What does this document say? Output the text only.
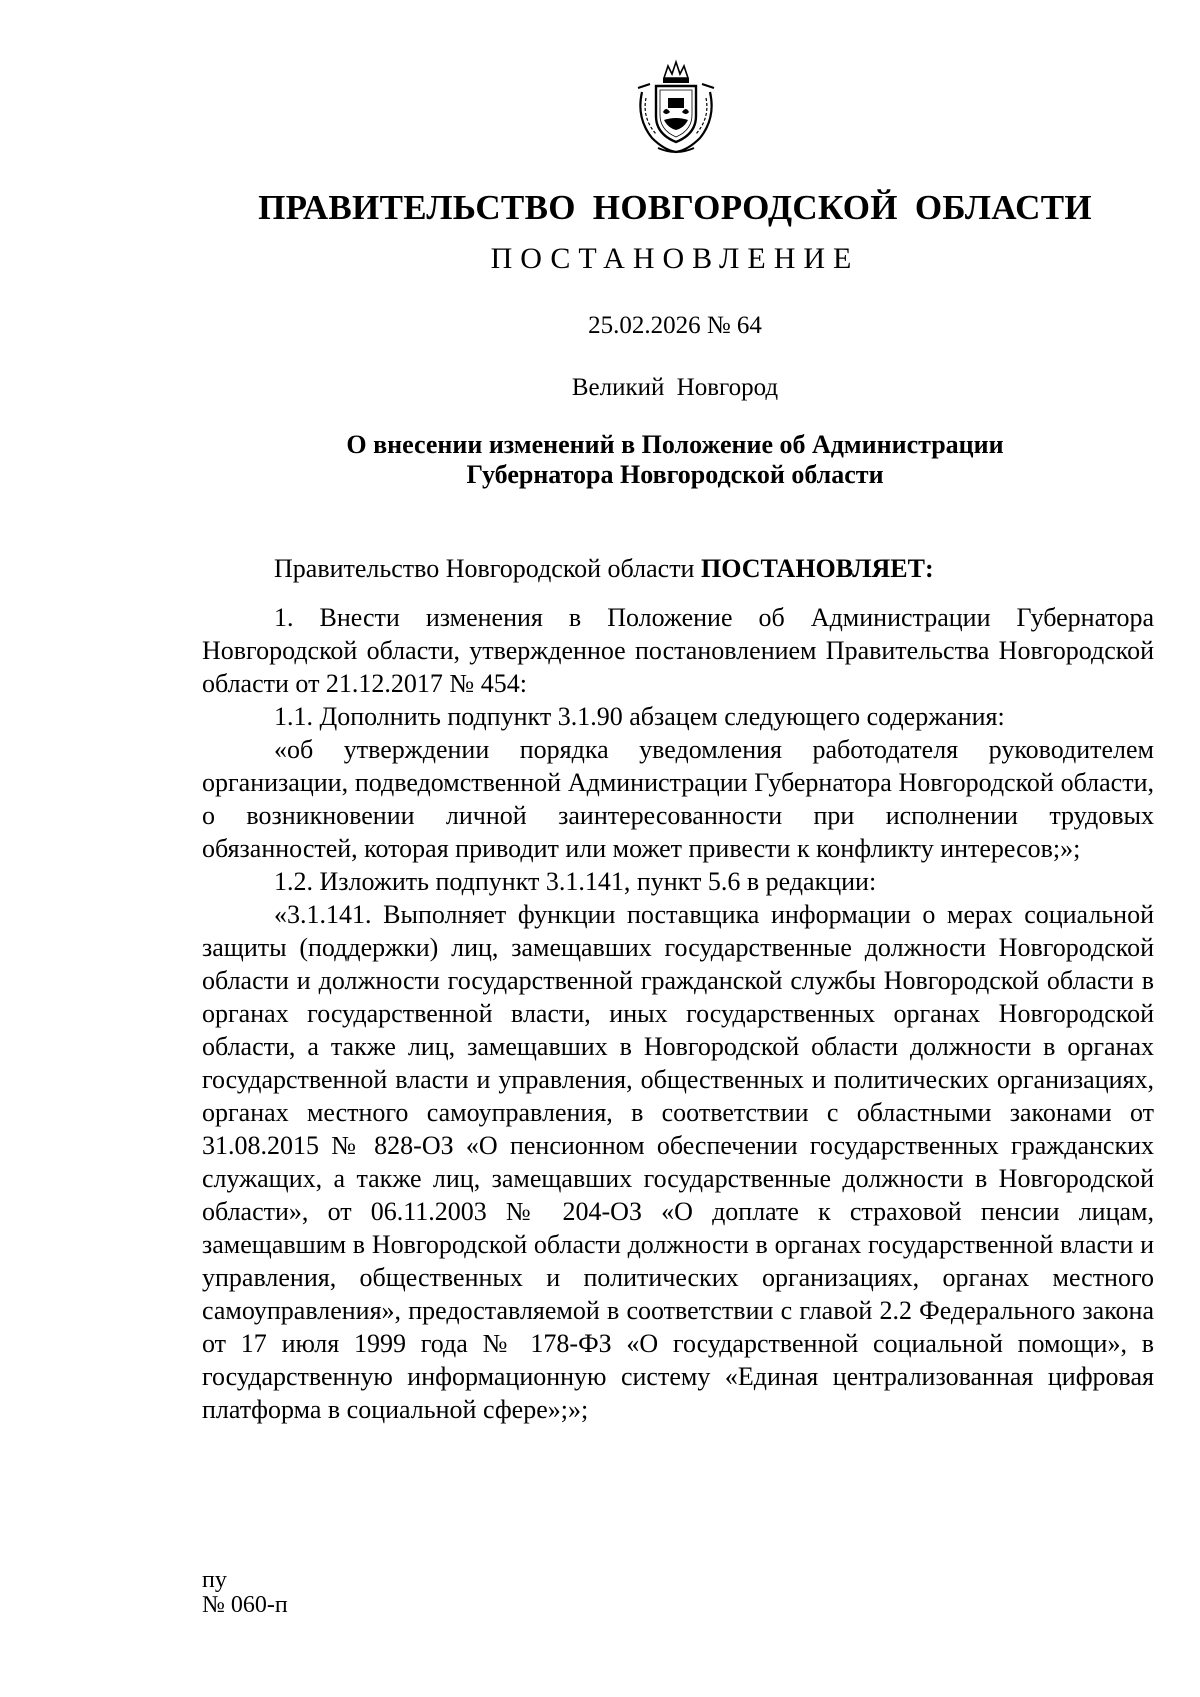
ПРАВИТЕЛЬСТВО НОВГОРОДСКОЙ ОБЛАСТИ
ПОСТАНОВЛЕНИЕ
25.02.2026 № 64
Великий Новгород
О внесении изменений в Положение об Администрации
Губернатора Новгородской области
Правительство Новгородской области ПОСТАНОВЛЯЕТ:

1. Внести изменения в Положение об Администрации Губернатора Новгородской области, утвержденное постановлением Правительства Новгородской области от 21.12.2017 № 454:

1.1. Дополнить подпункт 3.1.90 абзацем следующего содержания:

«об утверждении порядка уведомления работодателя руководителем организации, подведомственной Администрации Губернатора Новгородской области, о возникновении личной заинтересованности при исполнении трудовых обязанностей, которая приводит или может привести к конфликту интересов;»;

1.2. Изложить подпункт 3.1.141, пункт 5.6 в редакции:

«3.1.141. Выполняет функции поставщика информации о мерах социальной защиты (поддержки) лиц, замещавших государственные должности Новгородской области и должности государственной гражданской службы Новгородской области в органах государственной власти, иных государственных органах Новгородской области, а также лиц, замещавших в Новгородской области должности в органах государственной власти и управления, общественных и политических организациях, органах местного самоуправления, в соответствии с областными законами от 31.08.2015 № 828-ОЗ «О пенсионном обеспечении государственных гражданских служащих, а также лиц, замещавших государственные должности в Новгородской области», от 06.11.2003 № 204-ОЗ «О доплате к страховой пенсии лицам, замещавшим в Новгородской области должности в органах государственной власти и управления, общественных и политических организациях, органах местного самоуправления», предоставляемой в соответствии с главой 2.2 Федерального закона от 17 июля 1999 года № 178-ФЗ «О государственной социальной помощи», в государственную информационную систему «Единая централизованная цифровая платформа в социальной сфере»;»;

пу
№ 060-п
